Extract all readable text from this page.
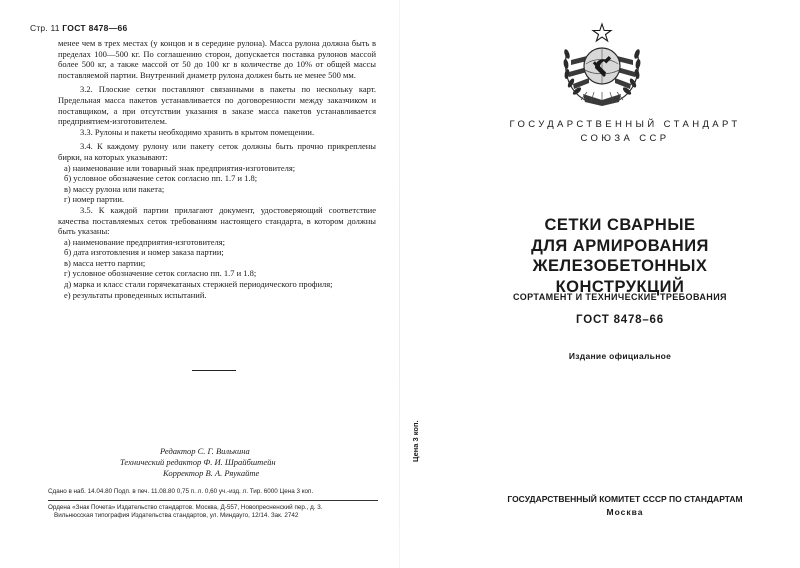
Стр. 11 ГОСТ 8478—66

менее чем в трех местах (у концов и в середине рулона). Масса рулона должна быть в пределах 100—500 кг. По соглашению сторон, допускается поставка рулонов массой более 500 кг, а также массой от 50 до 100 кг в количестве до 10% от общей массы поставляемой партии. Внутренний диаметр рулона должен быть не менее 500 мм.

3.2. Плоские сетки поставляют связанными в пакеты по нескольку карт. Предельная масса пакетов устанавливается по договоренности между заказчиком и поставщиком, а при отсутствии указания в заказе масса пакетов устанавливается предприятием-изготовителем.

3.3. Рулоны и пакеты необходимо хранить в крытом помещении.

3.4. К каждому рулону или пакету сеток должны быть прочно прикреплены бирки, на которых указывают:

а) наименование или товарный знак предприятия-изготовителя;

б) условное обозначение сеток согласно пп. 1.7 и 1.8;

в) массу рулона или пакета;

г) номер партии.

3.5. К каждой партии прилагают документ, удостоверяющий соответствие качества поставляемых сеток требованиям настоящего стандарта, в котором должны быть указаны:

а) наименование предприятия-изготовителя;

б) дата изготовления и номер заказа партии;

в) масса нетто партии;

г) условное обозначение сеток согласно пп. 1.7 и 1.8;

д) марка и класс стали горячекатаных стержней периодического профиля;

е) результаты проведенных испытаний.

Редактор С. Г. Вилькина
Технический редактор Ф. И. Шрайбштейн
Корректор В. А. Ряукайте
Сдано в наб. 14.04.80 Подп. в печ. 11.08.80 0,75 п. л. 0,60 уч.-изд. л. Тир. 6000 Цена 3 коп.
Ордена «Знак Почета» Издательство стандартов. Москва, Д-557, Новопресненский пер., д. 3.
Вильнюсская типография Издательства стандартов, ул. Миндауго, 12/14. Зак. 2742
ГОСУДАРСТВЕННЫЙ СТАНДАРТ
СОЮЗА ССР
СЕТКИ СВАРНЫЕ
ДЛЯ АРМИРОВАНИЯ ЖЕЛЕЗОБЕТОННЫХ
КОНСТРУКЦИЙ
СОРТАМЕНТ И ТЕХНИЧЕСКИЕ ТРЕБОВАНИЯ
ГОСТ 8478–66
Издание официальное
Цена 3 коп.
ГОСУДАРСТВЕННЫЙ КОМИТЕТ СССР ПО СТАНДАРТАМ
Москва
